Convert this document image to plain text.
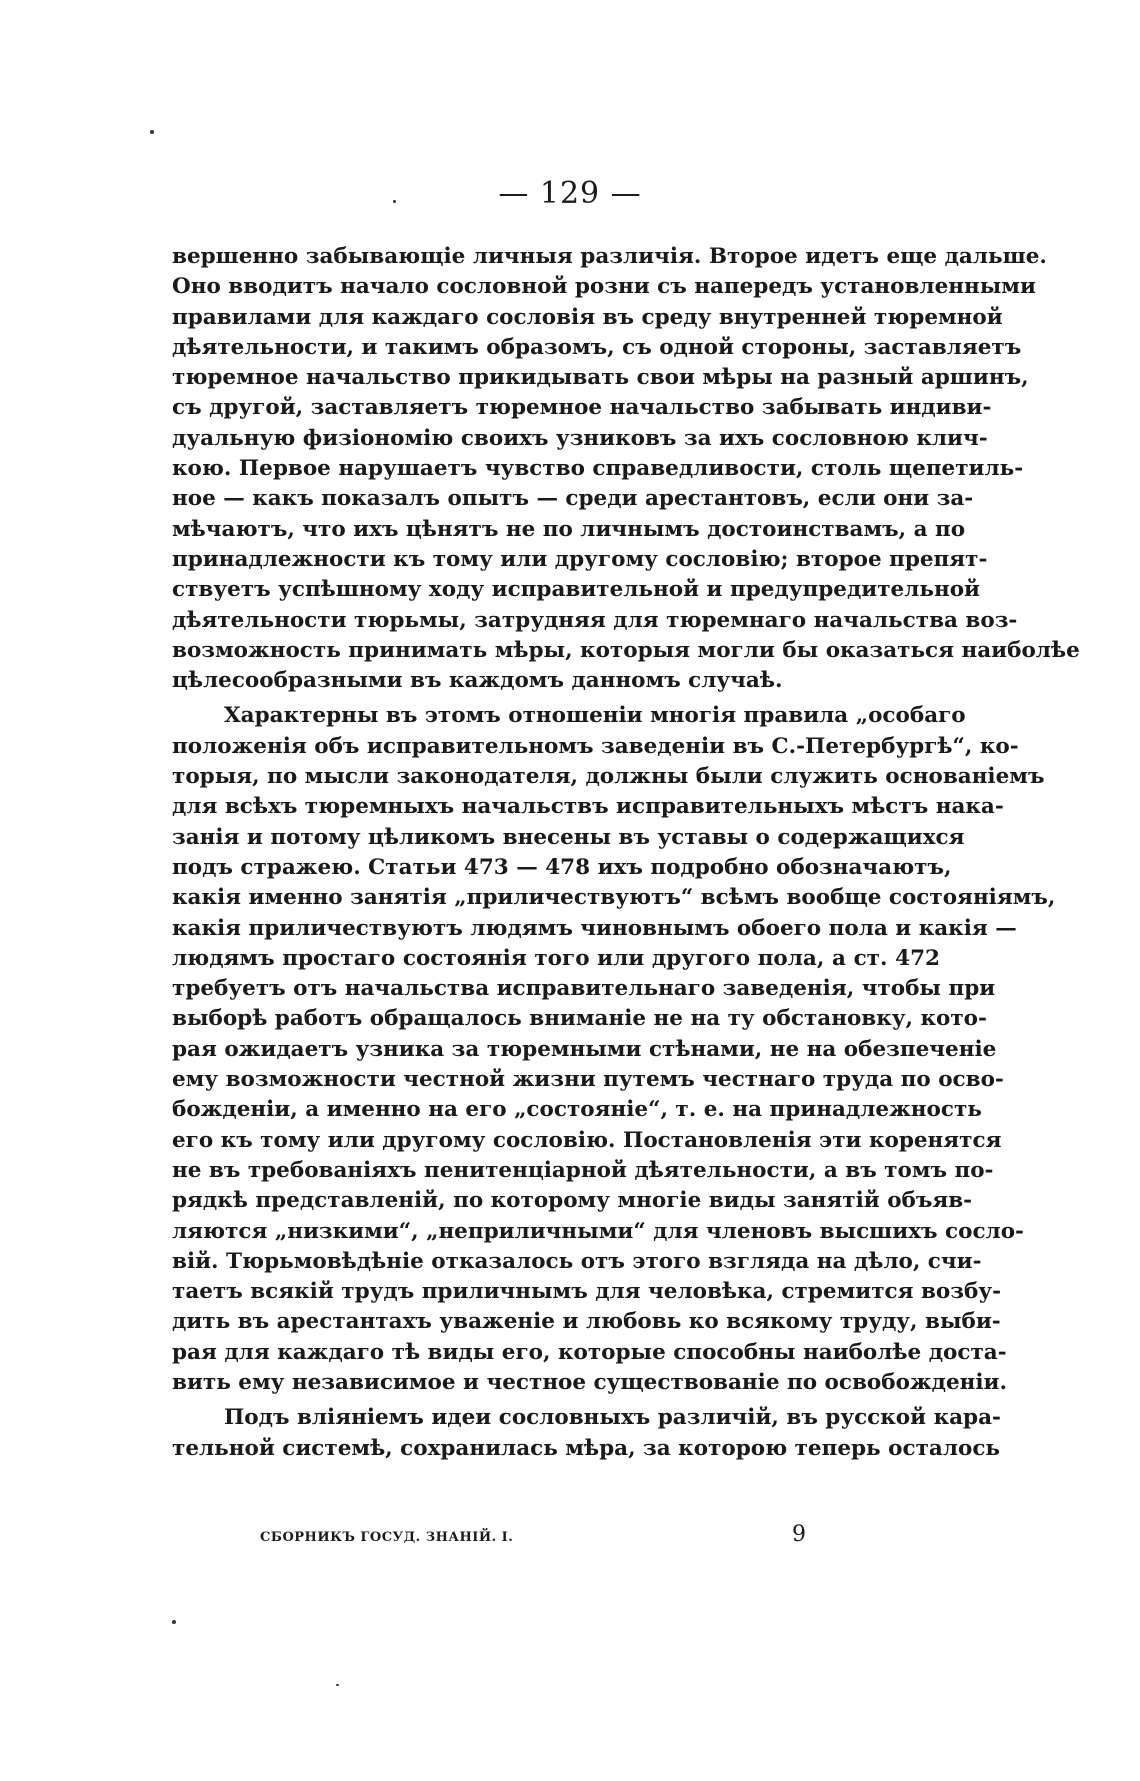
— 129 —
вершенно забывающіе личныя различія. Второе идетъ еще дальше.
Оно вводитъ начало сословной розни съ напередъ установленными
правилами для каждаго сословія въ среду внутренней тюремной
дѣятельности, и такимъ образомъ, съ одной стороны, заставляетъ
тюремное начальство прикидывать свои мѣры на разный аршинъ,
съ другой, заставляетъ тюремное начальство забывать индиви-
дуальную физіономію своихъ узниковъ за ихъ сословною клич-
кою. Первое нарушаетъ чувство справедливости, столь щепетиль-
ное — какъ показалъ опытъ — среди арестантовъ, если они за-
мѣчаютъ, что ихъ цѣнятъ не по личнымъ достоинствамъ, а по
принадлежности къ тому или другому сословію; второе препят-
ствуетъ успѣшному ходу исправительной и предупредительной
дѣятельности тюрьмы, затрудняя для тюремнаго начальства воз-
возможность принимать мѣры, которыя могли бы оказаться наиболѣе
цѣлесообразными въ каждомъ данномъ случаѣ.
Характерны въ этомъ отношеніи многія правила „особаго
положенія объ исправительномъ заведеніи въ С.-Петербургѣ“, ко-
торыя, по мысли законодателя, должны были служить основаніемъ
для всѣхъ тюремныхъ начальствъ исправительныхъ мѣстъ нака-
занія и потому цѣликомъ внесены въ уставы о содержащихся
подъ стражею. Статьи 473 — 478 ихъ подробно обозначаютъ,
какія именно занятія „приличествуютъ“ всѣмъ вообще состояніямъ,
какія приличествуютъ людямъ чиновнымъ обоего пола и какія —
людямъ простаго состоянія того или другого пола, а ст. 472
требуетъ отъ начальства исправительнаго заведенія, чтобы при
выборѣ работъ обращалось вниманіе не на ту обстановку, кото-
рая ожидаетъ узника за тюремными стѣнами, не на обезпеченіе
ему возможности честной жизни путемъ честнаго труда по осво-
божденіи, а именно на его „состояніе“, т. е. на принадлежность
его къ тому или другому сословію. Постановленія эти коренятся
не въ требованіяхъ пенитенціарной дѣятельности, а въ томъ по-
рядкѣ представленій, по которому многіе виды занятій объяв-
ляются „низкими“, „неприличными“ для членовъ высшихъ сосло-
вій. Тюрьмовѣдѣніе отказалось отъ этого взгляда на дѣло, счи-
таетъ всякій трудъ приличнымъ для человѣка, стремится возбу-
дить въ арестантахъ уваженіе и любовь ко всякому труду, выби-
рая для каждаго тѣ виды его, которые способны наиболѣе доста-
вить ему независимое и честное существованіе по освобожденіи.
Подъ вліяніемъ идеи сословныхъ различій, въ русской кара-
тельной системѣ, сохранилась мѣра, за которою теперь осталось
СБОРНИКЪ ГОСУД. ЗНАНІЙ. I.	9
